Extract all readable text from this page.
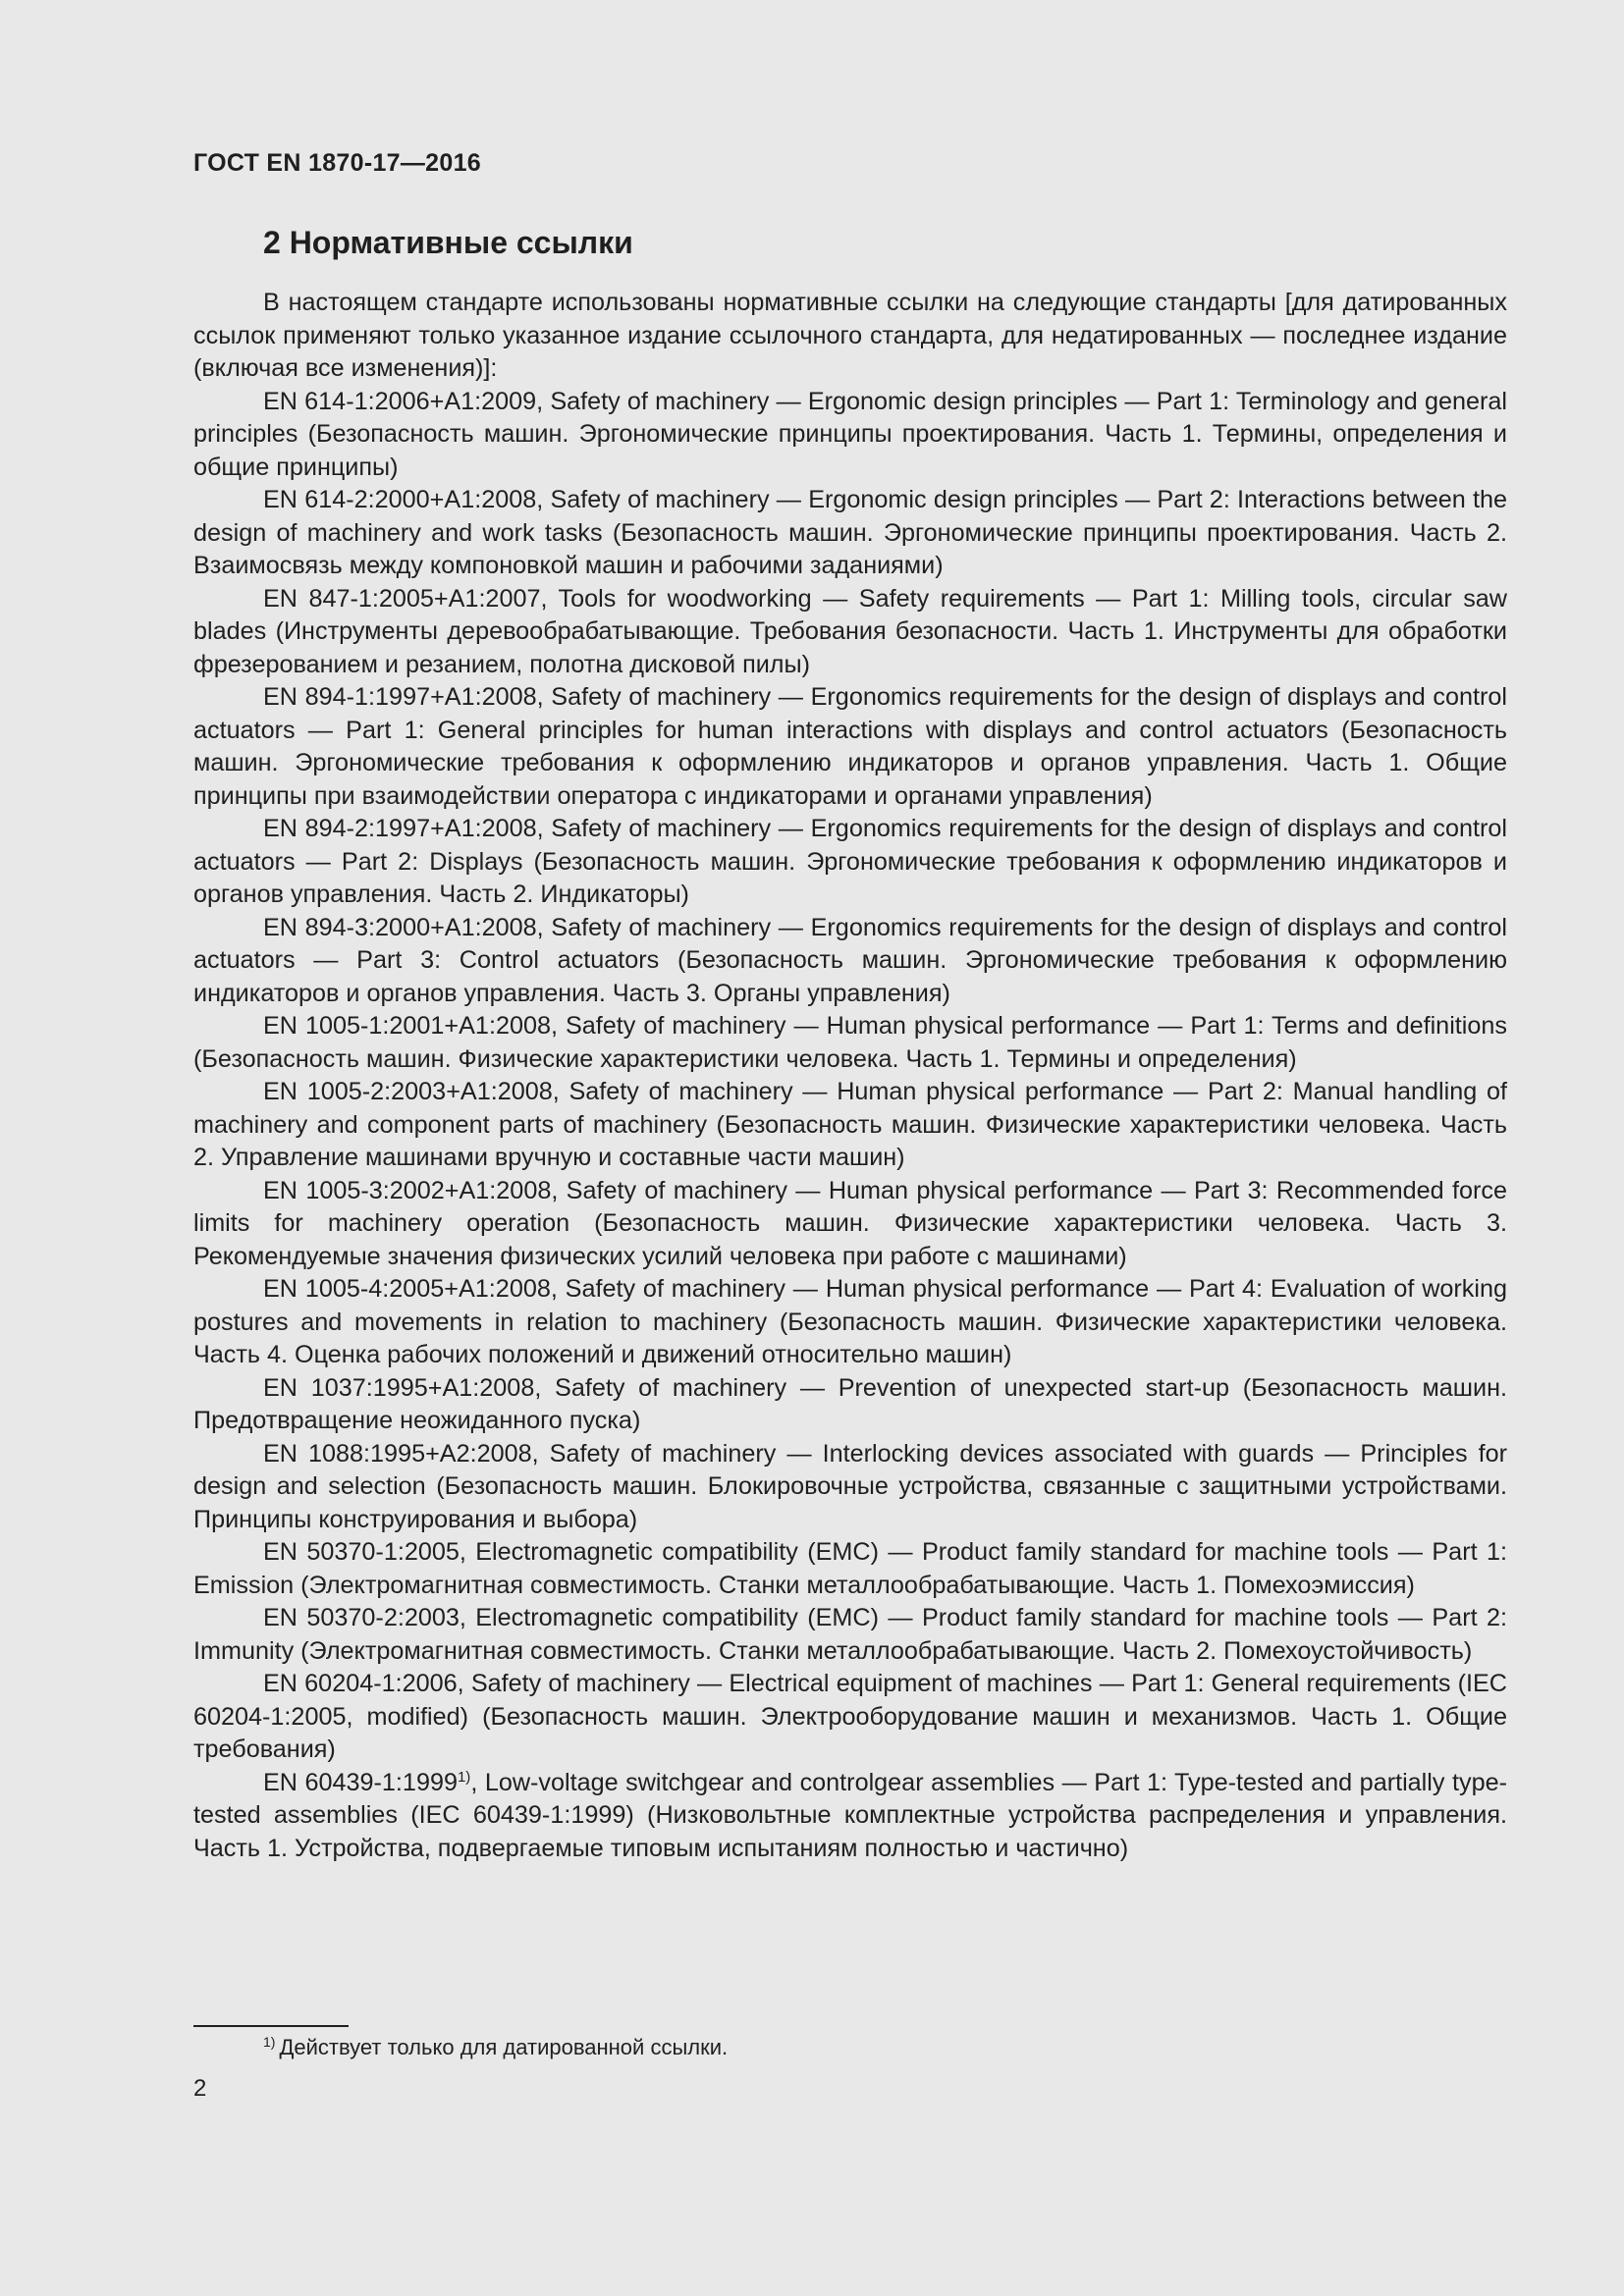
ГОСТ EN 1870-17—2016
2 Нормативные ссылки

В настоящем стандарте использованы нормативные ссылки на следующие стандарты [для датированных ссылок применяют только указанное издание ссылочного стандарта, для недатированных — последнее издание (включая все изменения)]:

EN 614-1:2006+A1:2009, Safety of machinery — Ergonomic design principles — Part 1: Terminology and general principles (Безопасность машин. Эргономические принципы проектирования. Часть 1. Термины, определения и общие принципы)

EN 614-2:2000+A1:2008, Safety of machinery — Ergonomic design principles — Part 2: Interactions between the design of machinery and work tasks (Безопасность машин. Эргономические принципы проектирования. Часть 2. Взаимосвязь между компоновкой машин и рабочими заданиями)

EN 847-1:2005+A1:2007, Tools for woodworking — Safety requirements — Part 1: Milling tools, circular saw blades (Инструменты деревообрабатывающие. Требования безопасности. Часть 1. Инструменты для обработки фрезерованием и резанием, полотна дисковой пилы)

EN 894-1:1997+A1:2008, Safety of machinery — Ergonomics requirements for the design of displays and control actuators — Part 1: General principles for human interactions with displays and control actuators (Безопасность машин. Эргономические требования к оформлению индикаторов и органов управления. Часть 1. Общие принципы при взаимодействии оператора с индикаторами и органами управления)

EN 894-2:1997+A1:2008, Safety of machinery — Ergonomics requirements for the design of displays and control actuators — Part 2: Displays (Безопасность машин. Эргономические требования к оформлению индикаторов и органов управления. Часть 2. Индикаторы)

EN 894-3:2000+A1:2008, Safety of machinery — Ergonomics requirements for the design of displays and control actuators — Part 3: Control actuators (Безопасность машин. Эргономические требования к оформлению индикаторов и органов управления. Часть 3. Органы управления)

EN 1005-1:2001+A1:2008, Safety of machinery — Human physical performance — Part 1: Terms and definitions (Безопасность машин. Физические характеристики человека. Часть 1. Термины и определения)

EN 1005-2:2003+A1:2008, Safety of machinery — Human physical performance — Part 2: Manual handling of machinery and component parts of machinery (Безопасность машин. Физические характеристики человека. Часть 2. Управление машинами вручную и составные части машин)

EN 1005-3:2002+A1:2008, Safety of machinery — Human physical performance — Part 3: Recommended force limits for machinery operation (Безопасность машин. Физические характеристики человека. Часть 3. Рекомендуемые значения физических усилий человека при работе с машинами)

EN 1005-4:2005+A1:2008, Safety of machinery — Human physical performance — Part 4: Evaluation of working postures and movements in relation to machinery (Безопасность машин. Физические характеристики человека. Часть 4. Оценка рабочих положений и движений относительно машин)

EN 1037:1995+A1:2008, Safety of machinery — Prevention of unexpected start-up (Безопасность машин. Предотвращение неожиданного пуска)

EN 1088:1995+A2:2008, Safety of machinery — Interlocking devices associated with guards — Principles for design and selection (Безопасность машин. Блокировочные устройства, связанные с защитными устройствами. Принципы конструирования и выбора)

EN 50370-1:2005, Electromagnetic compatibility (EMC) — Product family standard for machine tools — Part 1: Emission (Электромагнитная совместимость. Станки металлообрабатывающие. Часть 1. Помехоэмиссия)

EN 50370-2:2003, Electromagnetic compatibility (EMC) — Product family standard for machine tools — Part 2: Immunity (Электромагнитная совместимость. Станки металлообрабатывающие. Часть 2. Помехоустойчивость)

EN 60204-1:2006, Safety of machinery — Electrical equipment of machines — Part 1: General requirements (IEC 60204-1:2005, modified) (Безопасность машин. Электрооборудование машин и механизмов. Часть 1. Общие требования)

EN 60439-1:1999$^{1)}$, Low-voltage switchgear and controlgear assemblies — Part 1: Type-tested and partially type-tested assemblies (IEC 60439-1:1999) (Низковольтные комплектные устройства распределения и управления. Часть 1. Устройства, подвергаемые типовым испытаниям полностью и частично)

$^{1)}$ Действует только для датированной ссылки.
2
